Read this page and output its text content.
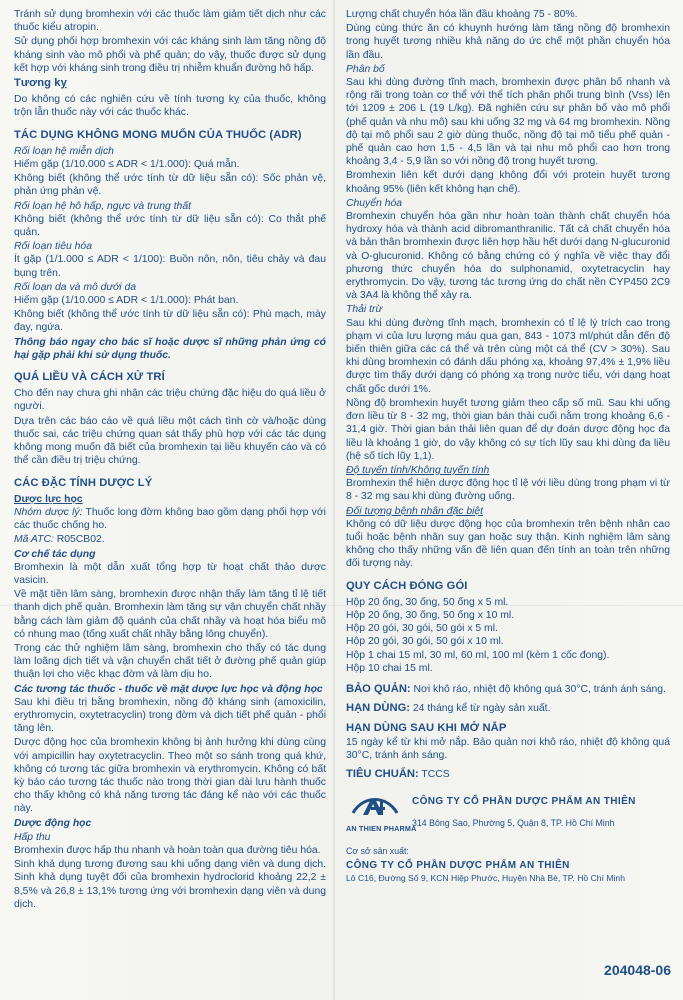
Tránh sử dụng bromhexin với các thuốc làm giảm tiết dịch như các thuốc kiểu atropin.

Sử dụng phối hợp bromhexin với các kháng sinh làm tăng nồng độ kháng sinh vào mô phổi và phế quản; do vậy, thuốc được sử dụng kết hợp với kháng sinh trong điều trị nhiễm khuẩn đường hô hấp.

Tương kỵ

Do không có các nghiên cứu về tính tương kỵ của thuốc, không trộn lẫn thuốc này với các thuốc khác.

TÁC DỤNG KHÔNG MONG MUỐN CỦA THUỐC (ADR)
Rối loạn hệ miễn dịch

Hiếm gặp (1/10.000 ≤ ADR < 1/1.000): Quá mẫn.

Không biết (không thể ước tính từ dữ liệu sẵn có): Sốc phản vệ, phản ứng phản vệ.

Rối loạn hệ hô hấp, ngực và trung thất

Không biết (không thể ước tính từ dữ liệu sẵn có): Co thắt phế quản.

Rối loạn tiêu hóa

Ít gặp (1/1.000 ≤ ADR < 1/100): Buồn nôn, nôn, tiêu chảy và đau bụng trên.

Rối loạn da và mô dưới da

Hiếm gặp (1/10.000 ≤ ADR < 1/1.000): Phát ban.

Không biết (không thể ước tính từ dữ liệu sẵn có): Phù mạch, mày đay, ngứa.

Thông báo ngay cho bác sĩ hoặc dược sĩ những phản ứng có hại gặp phải khi sử dụng thuốc.

QUÁ LIỀU VÀ CÁCH XỬ TRÍ

Cho đến nay chưa ghi nhận các triệu chứng đặc hiệu do quá liều ở người.

Dựa trên các báo cáo về quá liều một cách tình cờ và/hoặc dùng thuốc sai, các triệu chứng quan sát thấy phù hợp với các tác dụng không mong muốn đã biết của bromhexin tại liều khuyến cáo và có thể cần điều trị triệu chứng.

CÁC ĐẶC TÍNH DƯỢC LÝ
Dược lực học

Nhóm dược lý: Thuốc long đờm không bao gồm dạng phối hợp với các thuốc chống ho.

Mã ATC: R05CB02.

Cơ chế tác dụng

Bromhexin là một dẫn xuất tổng hợp từ hoạt chất thảo dược vasicin.

Về mặt tiền lâm sàng, bromhexin được nhận thấy làm tăng tỉ lệ tiết thanh dịch phế quản. Bromhexin làm tăng sự vận chuyển chất nhầy bằng cách làm giảm độ quánh của chất nhầy và hoạt hóa biểu mô có nhung mao (tống xuất chất nhầy bằng lông chuyển).

Trong các thử nghiệm lâm sàng, bromhexin cho thấy có tác dụng làm loãng dịch tiết và vận chuyển chất tiết ở đường phế quản giúp thuận lợi cho việc khạc đờm và làm dịu ho.

Các tương tác thuốc - thuốc về mặt dược lực học và động học

Sau khi điều trị bằng bromhexin, nồng độ kháng sinh (amoxicilin, erythromycin, oxytetracyclin) trong đờm và dịch tiết phế quản - phổi tăng lên.

Dược động học của bromhexin không bị ảnh hưởng khi dùng cùng với ampicillin hay oxytetracyclin. Theo một so sánh trong quá khứ, không có tương tác giữa bromhexin và erythromycin. Không có bất kỳ báo cáo tương tác thuốc nào trong thời gian dài lưu hành thuốc cho thấy không có khả năng tương tác đáng kể nào với các thuốc này.

Dược động học
Hấp thu

Bromhexin được hấp thu nhanh và hoàn toàn qua đường tiêu hóa.

Sinh khả dụng tương đương sau khi uống dạng viên và dung dịch. Sinh khả dụng tuyệt đối của bromhexin hydroclorid khoảng 22,2 ± 8,5% và 26,8 ± 13,1% tương ứng với bromhexin dạng viên và dung dịch.

Lượng chất chuyển hóa lần đầu khoảng 75 - 80%.

Dùng cùng thức ăn có khuynh hướng làm tăng nồng độ bromhexin trong huyết tương nhiều khả năng do ức chế một phần chuyển hóa lần đầu.

Phân bố

Sau khi dùng đường tĩnh mạch, bromhexin được phân bố nhanh và rộng rãi trong toàn cơ thể với thể tích phân phối trung bình (Vss) lên tới 1209 ± 206 L (19 L/kg). Đã nghiên cứu sự phân bố vào mô phổi (phế quản và nhu mô) sau khi uống 32 mg và 64 mg bromhexin. Nồng độ tại mô phổi sau 2 giờ dùng thuốc, nồng độ tại mô tiểu phế quản - phế quản cao hơn 1,5 - 4,5 lần và tại nhu mô phổi cao hơn trong khoảng 3,4 - 5,9 lần so với nồng độ trong huyết tương.

Bromhexin liên kết dưới dạng không đổi với protein huyết tương khoảng 95% (liên kết không hạn chế).

Chuyển hóa

Bromhexin chuyển hóa gần như hoàn toàn thành chất chuyển hóa hydroxy hóa và thành acid dibromanthranilic. Tất cả chất chuyển hóa và bản thân bromhexin được liên hợp hầu hết dưới dạng N-glucuronid và O-glucuronid. Không có bằng chứng có ý nghĩa về việc thay đổi phương thức chuyển hóa do sulphonamid, oxytetracyclin hay erythromycin. Do vậy, tương tác tương ứng do chất nền CYP450 2C9 và 3A4 là không thể xảy ra.

Thải trừ

Sau khi dùng đường tĩnh mạch, bromhexin có tỉ lệ lý trích cao trong phạm vi của lưu lượng máu qua gan, 843 - 1073 ml/phút dẫn đến độ biến thiên giữa các cá thể và trên cùng một cá thể (CV > 30%). Sau khi dùng bromhexin có đánh dấu phóng xạ, khoảng 97,4% ± 1,9% liều được tìm thấy dưới dạng có phóng xạ trong nước tiểu, với dạng hoạt chất gốc dưới 1%.

Nồng độ bromhexin huyết tương giảm theo cấp số mũ. Sau khi uống đơn liều từ 8 - 32 mg, thời gian bán thải cuối nằm trong khoảng 6,6 - 31,4 giờ. Thời gian bán thải liên quan để dự đoán dược động học đa liều là khoảng 1 giờ, do vậy không có sự tích lũy sau khi dùng đa liều (hệ số tích lũy 1,1).

Độ tuyến tính/Không tuyến tính

Bromhexin thể hiện dược động học tỉ lệ với liều dùng trong phạm vi từ 8 - 32 mg sau khi dùng đường uống.

Đối tượng bệnh nhân đặc biệt

Không có dữ liệu dược động học của bromhexin trên bệnh nhân cao tuổi hoặc bệnh nhân suy gan hoặc suy thận. Kinh nghiệm lâm sàng không cho thấy những vấn đề liên quan đến tính an toàn trên những đối tượng này.

QUY CÁCH ĐÓNG GÓI

Hộp 20 ống, 30 ống, 50 ống x 5 ml.

Hộp 20 ống, 30 ống, 50 ống x 10 ml.

Hộp 20 gói, 30 gói, 50 gói x 5 ml.

Hộp 20 gói, 30 gói, 50 gói x 10 ml.

Hộp 1 chai 15 ml, 30 ml, 60 ml, 100 ml (kèm 1 cốc đong).

Hộp 10 chai 15 ml.

BẢO QUẢN: Nơi khô ráo, nhiệt độ không quá 30°C, tránh ánh sáng.

HẠN DÙNG: 24 tháng kể từ ngày sản xuất.

HẠN DÙNG SAU KHI MỞ NẮP

15 ngày kể từ khi mở nắp. Bảo quản nơi khô ráo, nhiệt độ không quá 30°C, tránh ánh sáng.

TIÊU CHUẨN: TCCS

AN THIEN PHARMA
CÔNG TY CỔ PHẦN DƯỢC PHẨM AN THIÊN
314 Bông Sao, Phường 5, Quận 8, TP. Hồ Chí Minh
Cơ sở sản xuất:
CÔNG TY CỔ PHẦN DƯỢC PHẨM AN THIÊN
Lô C16, Đường Số 9, KCN Hiệp Phước, Huyện Nhà Bè, TP. Hồ Chí Minh
204048-06
